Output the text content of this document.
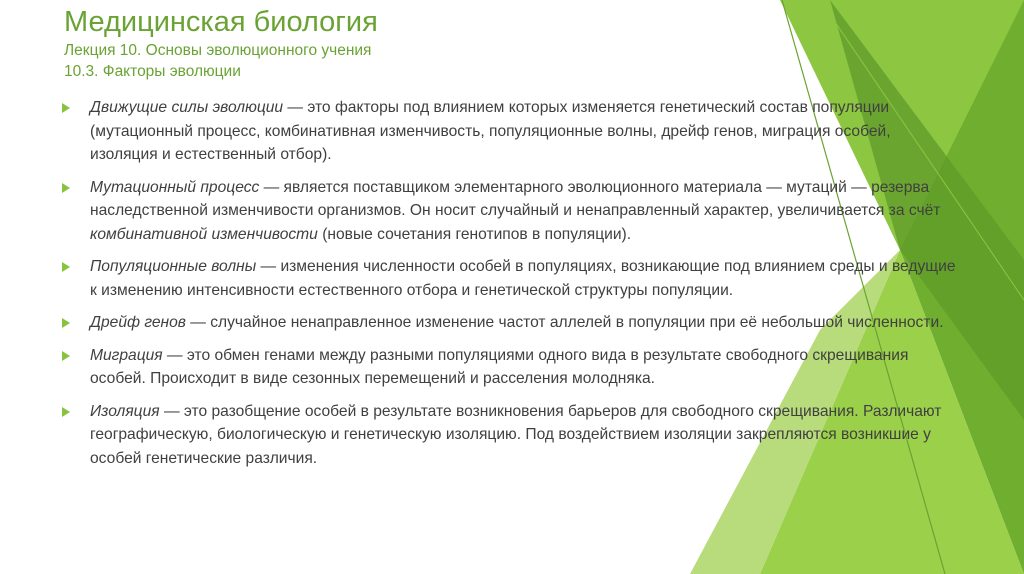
Медицинская биология
Лекция 10. Основы эволюционного учения
10.3. Факторы эволюции
Движущие силы эволюции — это факторы под влиянием которых изменяется генетический состав популяции (мутационный процесс, комбинативная изменчивость, популяционные волны, дрейф генов, миграция особей, изоляция и естественный отбор).
Мутационный процесс — является поставщиком элементарного эволюционного материала — мутаций — резерва наследственной изменчивости организмов. Он носит случайный и ненаправленный характер, увеличивается за счёт комбинативной изменчивости (новые сочетания генотипов в популяции).
Популяционные волны — изменения численности особей в популяциях, возникающие под влиянием среды и ведущие к изменению интенсивности естественного отбора и генетической структуры популяции.
Дрейф генов — случайное ненаправленное изменение частот аллелей в популяции при её небольшой численности.
Миграция — это обмен генами между разными популяциями одного вида в результате свободного скрещивания особей. Происходит в виде сезонных перемещений и расселения молодняка.
Изоляция — это разобщение особей в результате возникновения барьеров для свободного скрещивания. Различают географическую, биологическую и генетическую изоляцию. Под воздействием изоляции закрепляются возникшие у особей генетические различия.
